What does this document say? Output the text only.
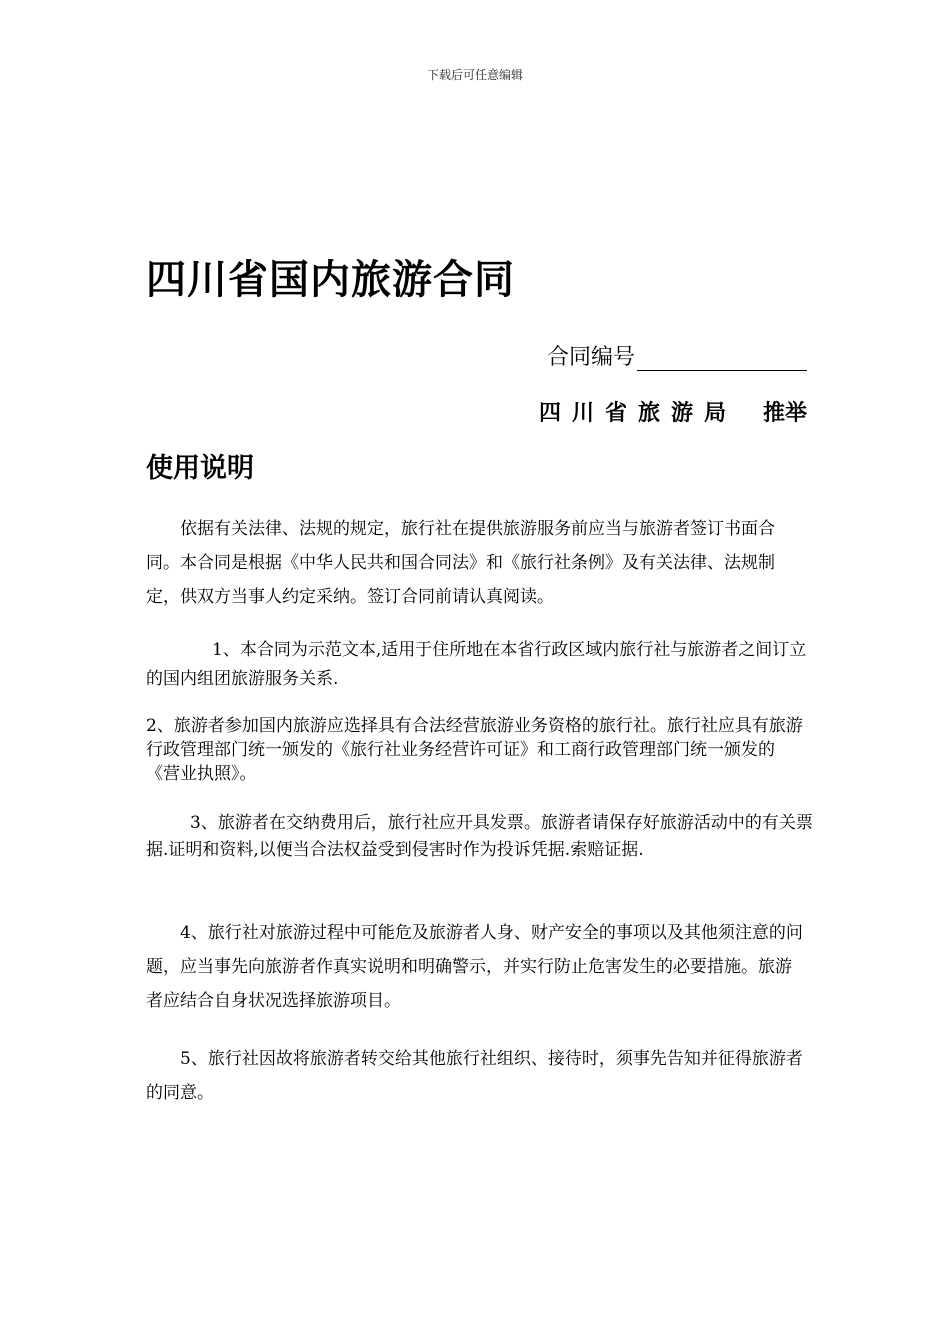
下载后可任意编辑
四川省国内旅游合同
合同编号
四川省旅游局 推举
使用说明
依据有关法律、法规的规定，旅行社在提供旅游服务前应当与旅游者签订书面合同。本合同是根据《中华人民共和国合同法》和《旅行社条例》及有关法律、法规制定，供双方当事人约定采纳。签订合同前请认真阅读。
1、本合同为示范文本,适用于住所地在本省行政区域内旅行社与旅游者之间订立的国内组团旅游服务关系.
2、旅游者参加国内旅游应选择具有合法经营旅游业务资格的旅行社。旅行社应具有旅游行政管理部门统一颁发的《旅行社业务经营许可证》和工商行政管理部门统一颁发的《营业执照》。
3、旅游者在交纳费用后，旅行社应开具发票。旅游者请保存好旅游活动中的有关票据.证明和资料,以便当合法权益受到侵害时作为投诉凭据.索赔证据.
4、旅行社对旅游过程中可能危及旅游者人身、财产安全的事项以及其他须注意的问题，应当事先向旅游者作真实说明和明确警示，并实行防止危害发生的必要措施。旅游者应结合自身状况选择旅游项目。
5、旅行社因故将旅游者转交给其他旅行社组织、接待时，须事先告知并征得旅游者的同意。
